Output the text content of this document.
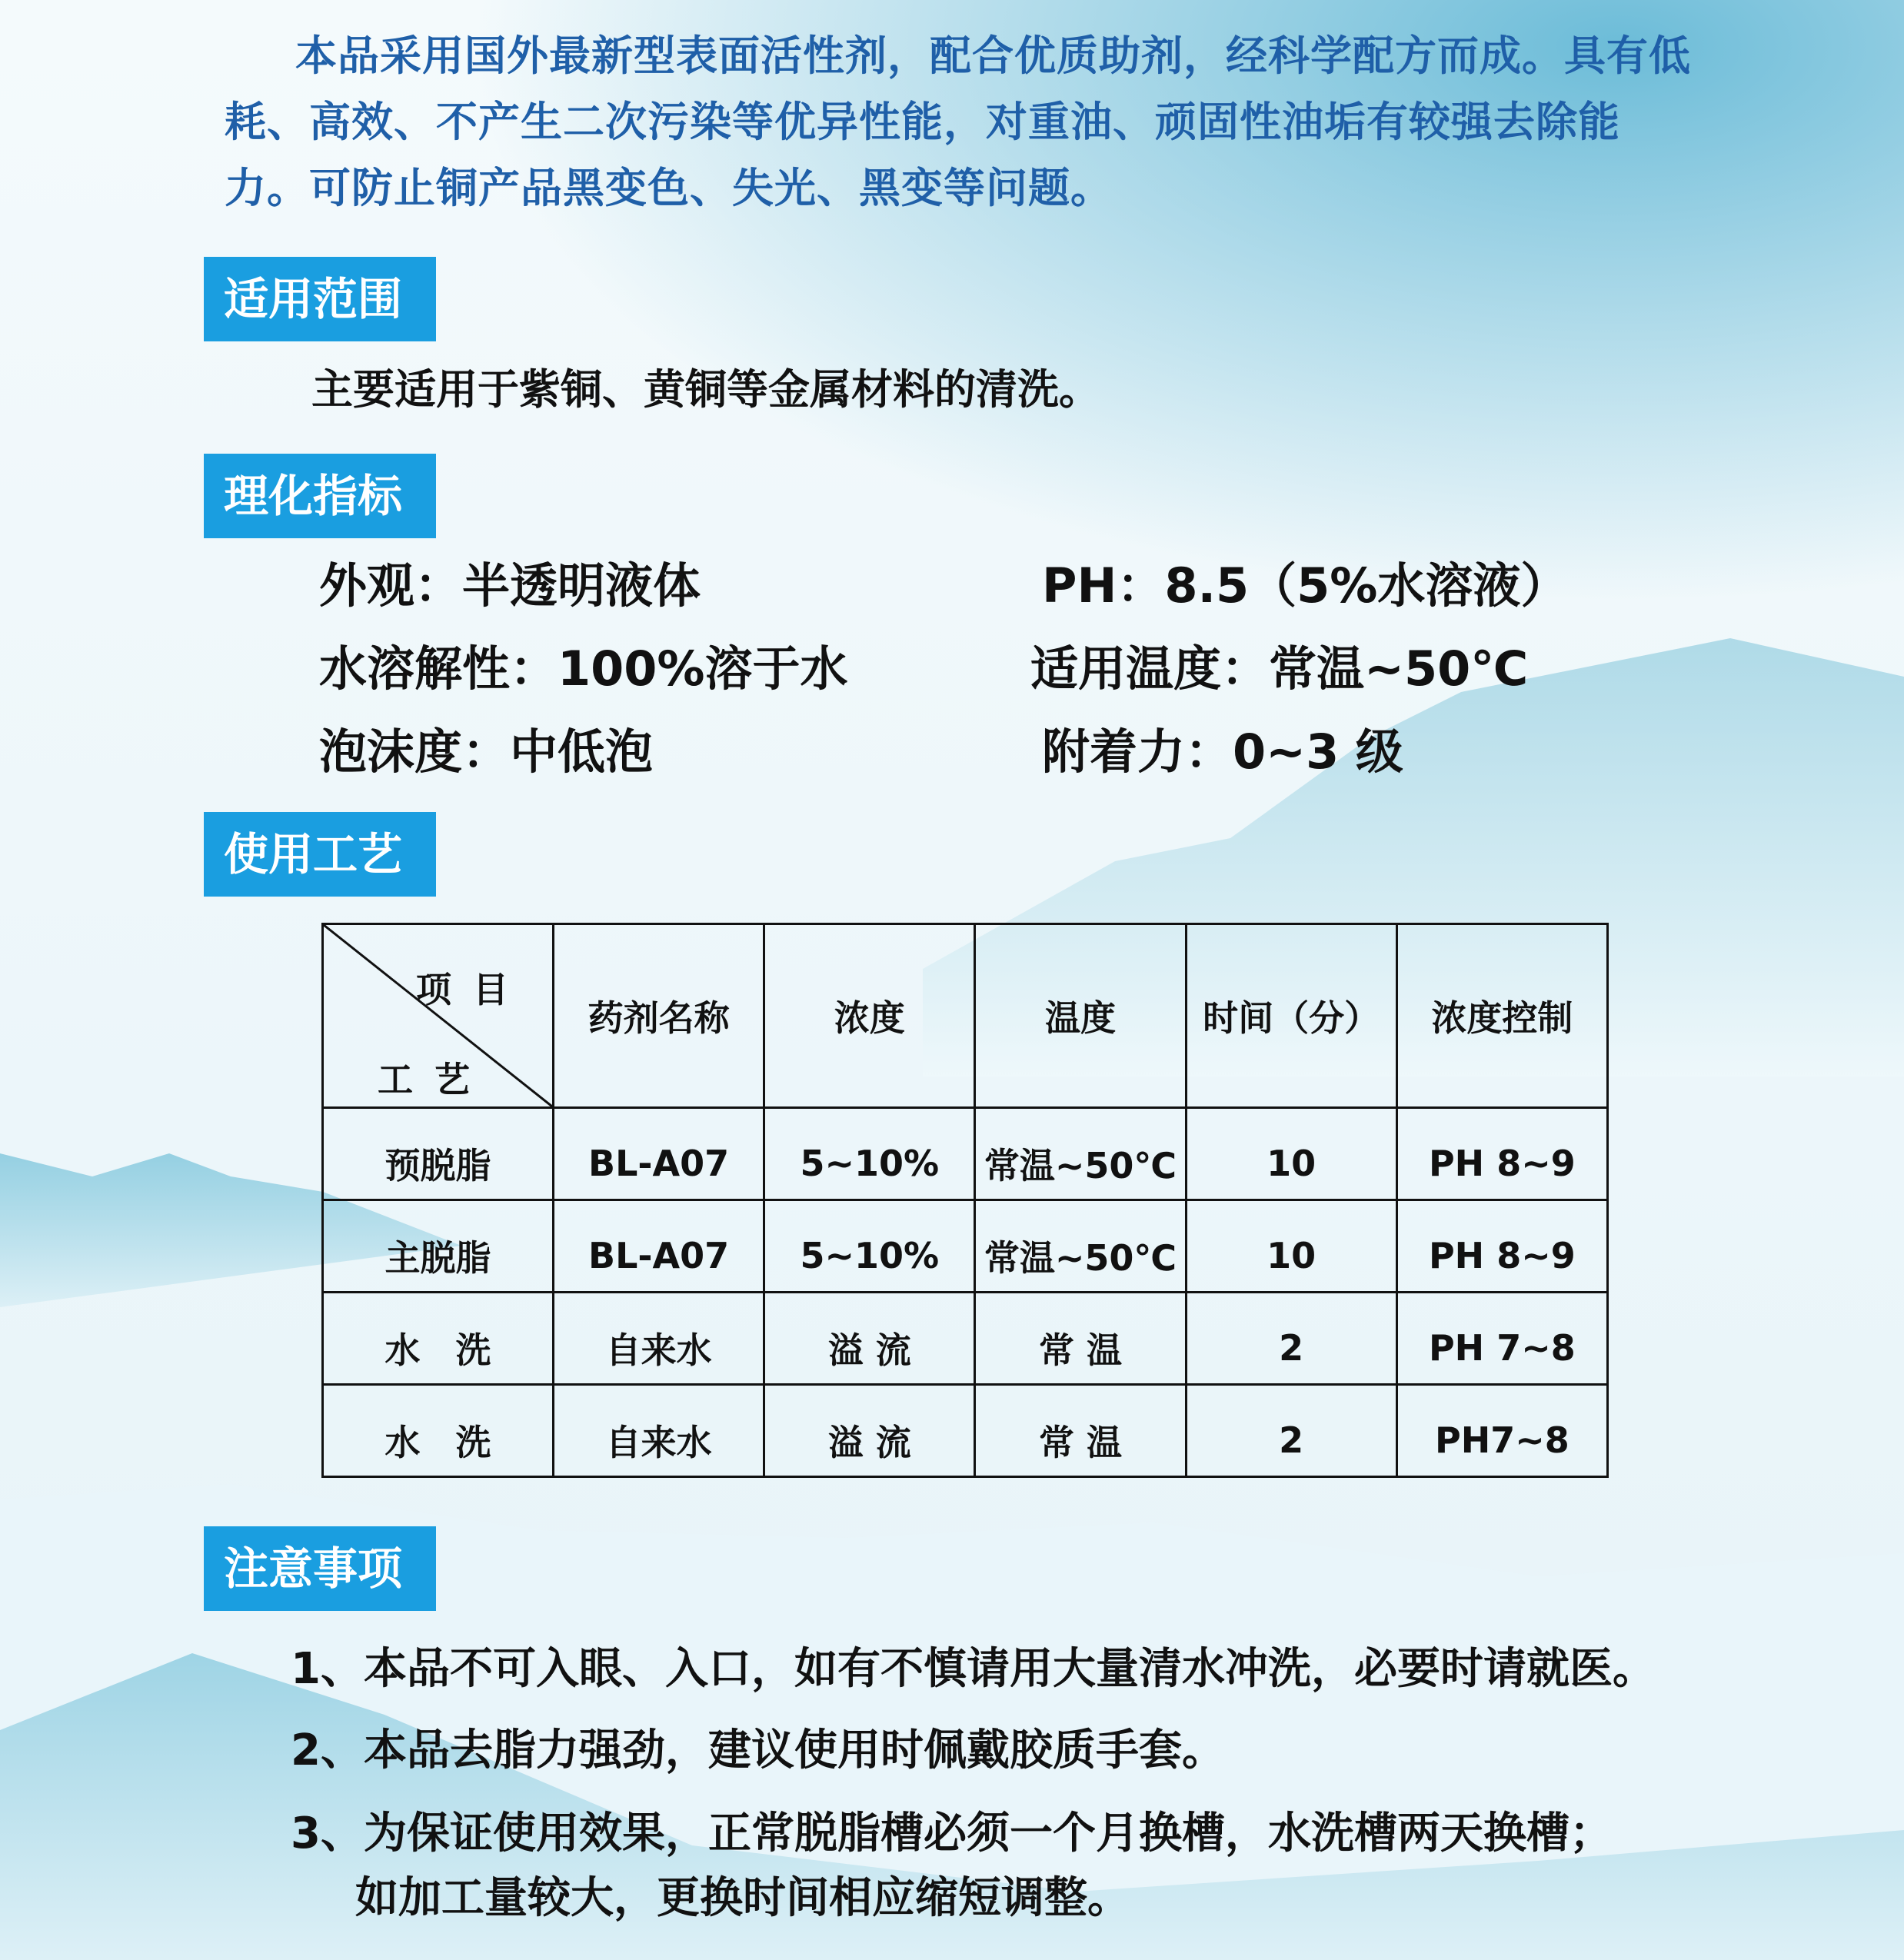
本品采用国外最新型表面活性剂，配合优质助剂，经科学配方而成。具有低耗、高效、不产生二次污染等优异性能，对重油、顽固性油垢有较强去除能力。可防止铜产品黑变色、失光、黑变等问题。

适用范围

主要适用于紫铜、黄铜等金属材料的清洗。

理化指标
外观：半透明液体	PH：8.5（5%水溶液）
水溶解性：100%溶于水	适用温度：常温~50℃
泡沫度：中低泡	附着力：0~3 级
使用工艺
项目
工艺	药剂名称	浓度	温度	时间（分）	浓度控制
预脱脂	BL-A07	5~10%	常温~50℃	10	PH 8~9
主脱脂	BL-A07	5~10%	常温~50℃	10	PH 8~9
水　洗	自来水	溢 流	常 温	2	PH 7~8
水　洗	自来水	溢 流	常 温	2	PH7~8
注意事项
1、本品不可入眼、入口，如有不慎请用大量清水冲洗，必要时请就医。
2、本品去脂力强劲，建议使用时佩戴胶质手套。
3、为保证使用效果，正常脱脂槽必须一个月换槽，水洗槽两天换槽；
如加工量较大，更换时间相应缩短调整。
